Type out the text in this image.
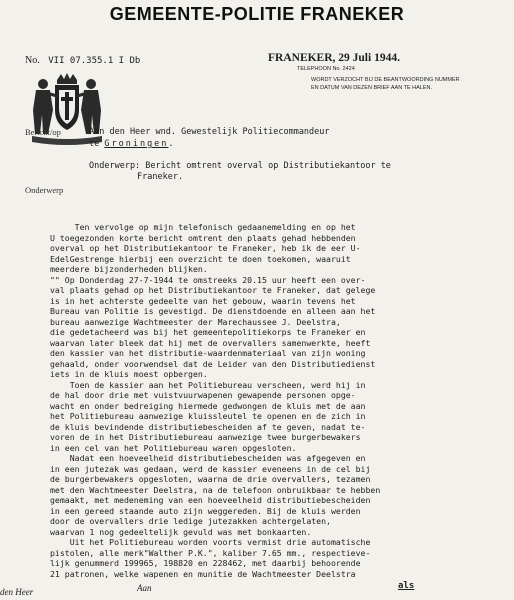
GEMEENTE-POLITIE FRANEKER
No. VII 07.355.1 I Db	FRANEKER, 29 Juli 1944.
TELEPHOON No. 2424
WORDT VERZOCHT BIJ DE BEANTWOORDING NUMMER
EN DATUM VAN DEZEN BRIEF AAN TE HALEN.
Bericht/op	Aan den Heer wnd. Gewestelijk Politiecommandeur
te Groningen.
Onderwerp
Onderwerp: Bericht omtrent overval op Distributiekantoor te
Franeker.
Ten vervolge op mijn telefonisch gedaanemelding en op het
U toegezonden korte bericht omtrent den plaats gehad hebbenden
overval op het Distributiekantoor te Franeker, heb ik de eer U-
EdelGestrenge hierbij een overzicht te doen toekomen, waaruit
meerdere bijzonderheden blijken.
"" Op Donderdag 27-7-1944 te omstreeks 20.15 uur heeft een over-
val plaats gehad op het Distributiekantoor te Franeker, dat gelege
is in het achterste gedeelte van het gebouw, waarin tevens het
Bureau van Politie is gevestigd. De dienstdoende en alleen aan het
bureau aanwezige Wachtmeester der Marechaussee J. Deelstra,
die gedetacheerd was bij het gemeentepolitiekorps te Franeker en
waarvan later bleek dat hij met de overvallers samenwerkte, heeft
den kassier van het distributie-waardenmateriaal van zijn woning
gehaald, onder voorwendsel dat de Leider van den Distributiedienst
iets in de kluis moest opbergen.
Toen de kassier aan het Politiebureau verscheen, werd hij in
de hal door drie met vuistvuurwapenen gewapende personen opge-
wacht en onder bedreiging hiermede gedwongen de kluis met de aan
het Politiebureau aanwezige kluissleutel te openen en de zich in
de kluis bevindende distributiebescheiden af te geven, nadat te-
voren de in het Distributiebureau aanwezige twee burgerbewakers
in een cel van het Politiebureau waren opgesloten.
Nadat een hoeveelheid distributiebescheiden was afgegeven en
in een jutezak was gedaan, werd de kassier eveneens in de cel bij
de burgerbewakers opgesloten, waarna de drie overvallers, tezamen
met den Wachtmeester Deelstra, na de telefoon onbruikbaar te hebben
gemaakt, met medeneming van een hoeveelheid distributiebescheiden
in een gereed staande auto zijn weggereden. Bij de kluis werden
door de overvallers drie ledige jutezakken achtergelaten,
waarvan 1 nog gedeeltelijk gevuld was met bonkaarten.
Uit het Politiebureau worden voorts vermist drie automatische
pistolen, alle merk"Walther P.K.", kaliber 7.65 mm., respectieve-
lijk genummerd 199965, 198820 en 228462, met daarbij behoorende
21 patronen, welke wapenen en munitie de Wachtmeester Deelstra
den Heer	Aan	als
